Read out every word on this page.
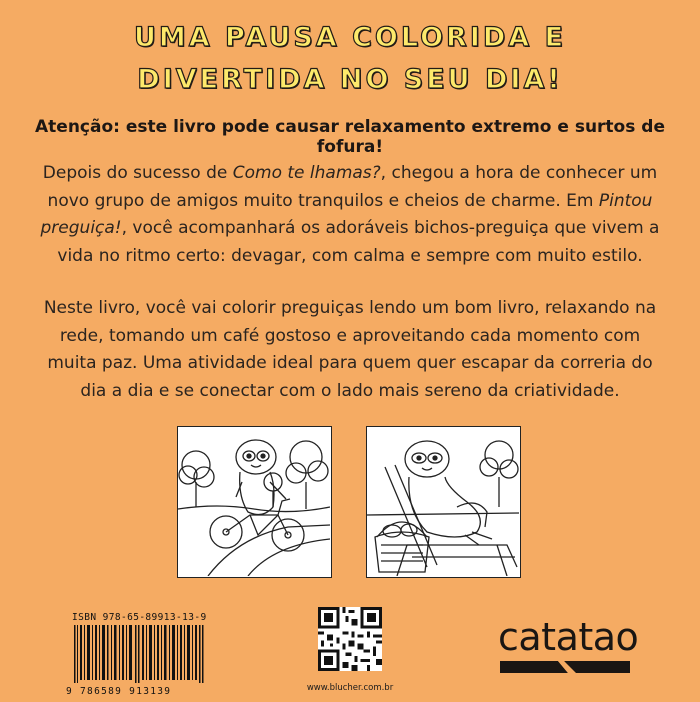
UMA PAUSA COLORIDA E
DIVERTIDA NO SEU DIA!
Atenção: este livro pode causar relaxamento extremo e surtos de fofura!
Depois do sucesso de Como te lhamas?, chegou a hora de conhecer um novo grupo de amigos muito tranquilos e cheios de charme. Em Pintou preguiça!, você acompanhará os adoráveis bichos-preguiça que vivem a vida no ritmo certo: devagar, com calma e sempre com muito estilo.
Neste livro, você vai colorir preguiças lendo um bom livro, relaxando na rede, tomando um café gostoso e aproveitando cada momento com muita paz. Uma atividade ideal para quem quer escapar da correria do dia a dia e se conectar com o lado mais sereno da criatividade.
ISBN 978-65-89913-13-9
9 786589 913139	www.blucher.com.br
catatao
